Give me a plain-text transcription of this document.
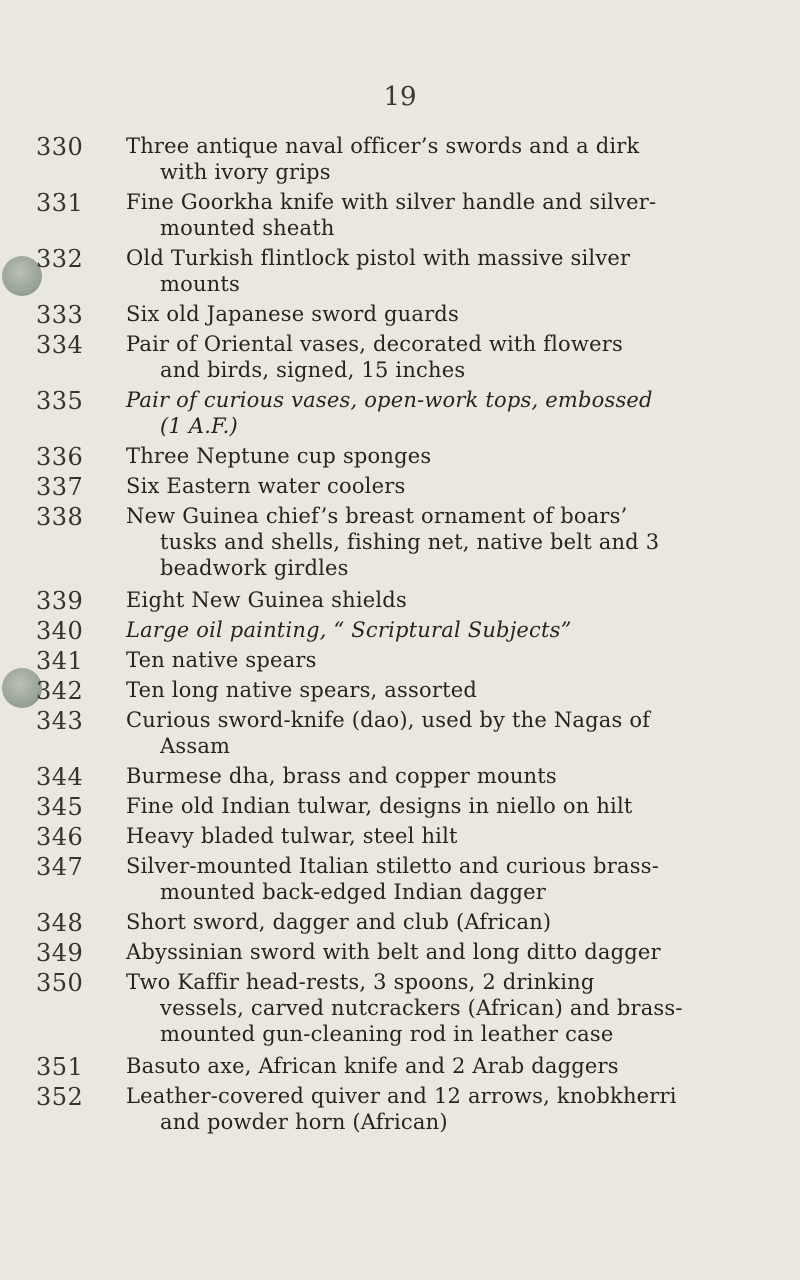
19
330 Three antique naval officer’s swords and a dirk
with ivory grips
331 Fine Goorkha knife with silver handle and silver-
mounted sheath
332 Old Turkish flintlock pistol with massive silver
mounts
333 Six old Japanese sword guards
334 Pair of Oriental vases, decorated with flowers
and birds, signed, 15 inches
335 Pair of curious vases, open-work tops, embossed
(1 A.F.)
336 Three Neptune cup sponges
337 Six Eastern water coolers
338 New Guinea chief’s breast ornament of boars’
tusks and shells, fishing net, native belt and 3
beadwork girdles
339 Eight New Guinea shields
340 Large oil painting, “ Scriptural Subjects”
341 Ten native spears
342 Ten long native spears, assorted
343 Curious sword-knife (dao), used by the Nagas of
Assam
344 Burmese dha, brass and copper mounts
345 Fine old Indian tulwar, designs in niello on hilt
346 Heavy bladed tulwar, steel hilt
347 Silver-mounted Italian stiletto and curious brass-
mounted back-edged Indian dagger
348 Short sword, dagger and club (African)
349 Abyssinian sword with belt and long ditto dagger
350 Two Kaffir head-rests, 3 spoons, 2 drinking
vessels, carved nutcrackers (African) and brass-
mounted gun-cleaning rod in leather case
351 Basuto axe, African knife and 2 Arab daggers
352 Leather-covered quiver and 12 arrows, knobkherri
and powder horn (African)
